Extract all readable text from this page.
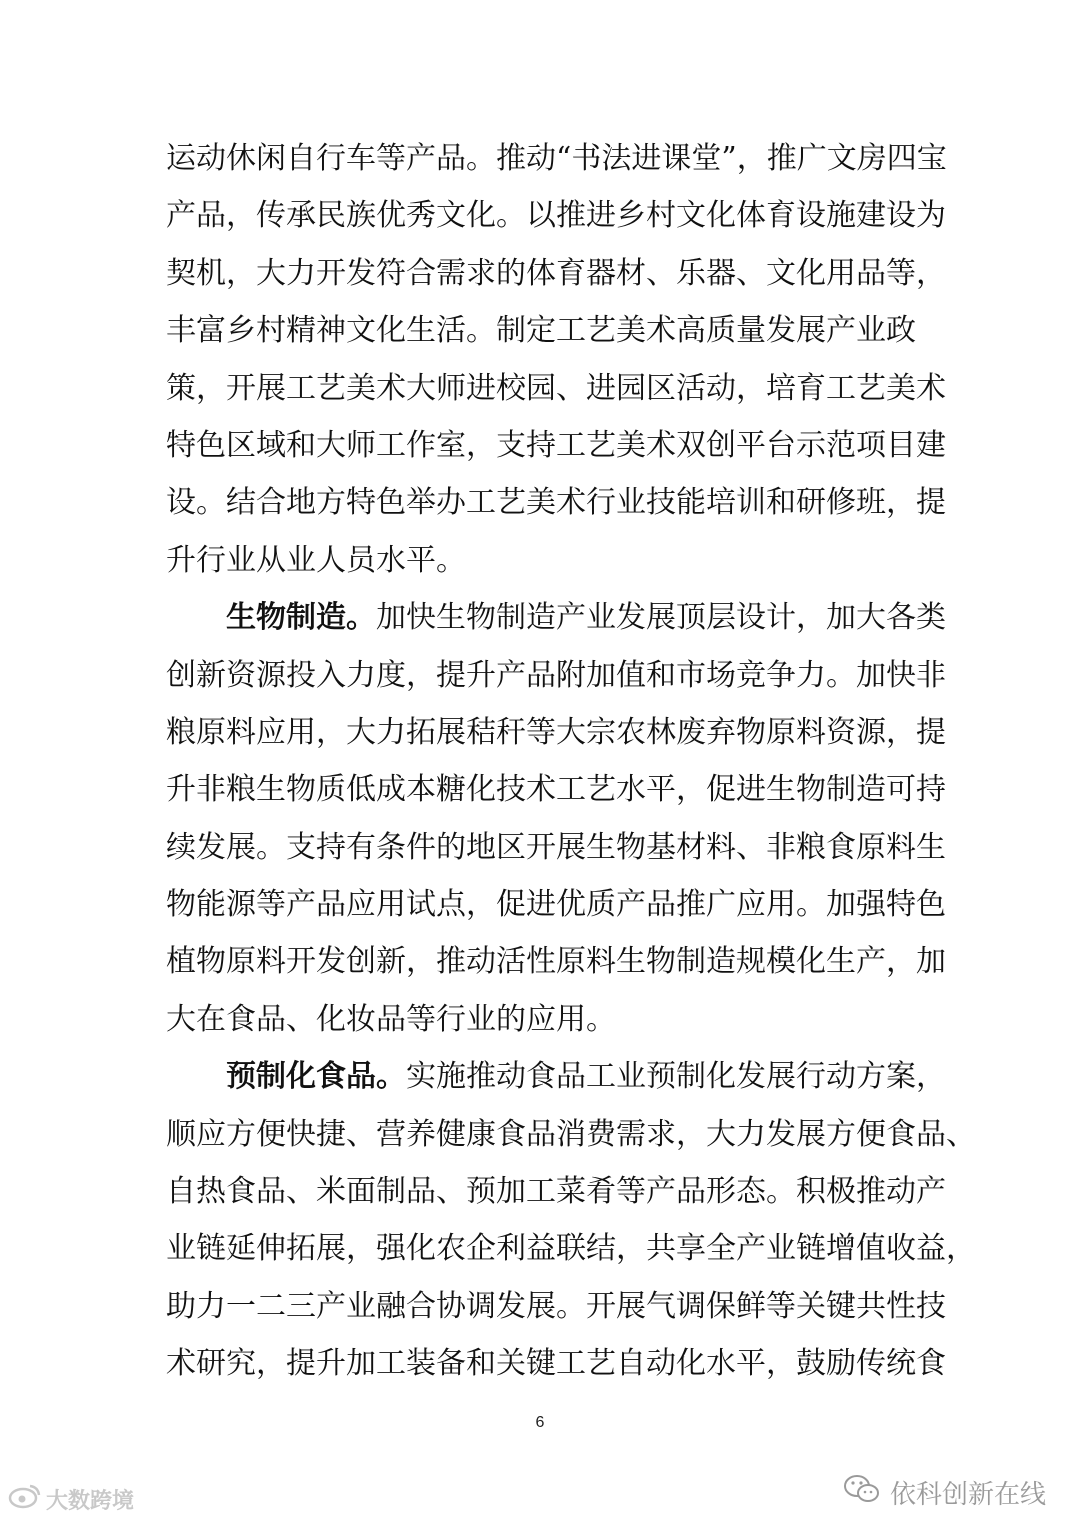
运 动 休 闲 自 行 车 等 产 品 。 推 动 “ 书 法 进 课 堂 ” ， 推 广 文 房 四 宝
产 品 ， 传 承 民 族 优 秀 文 化 。 以 推 进 乡 村 文 化 体 育 设 施 建 设 为
契 机 ， 大 力 开 发 符 合 需 求 的 体 育 器 材 、 乐 器 、 文 化 用 品 等 ，
丰 富 乡 村 精 神 文 化 生 活 。 制 定 工 艺 美 术 高 质 量 发 展 产 业 政
策 ， 开 展 工 艺 美 术 大 师 进 校 园 、 进 园 区 活 动 ， 培 育 工 艺 美 术
特 色 区 域 和 大 师 工 作 室 ， 支 持 工 艺 美 术 双 创 平 台 示 范 项 目 建
设 。 结 合 地 方 特 色 举 办 工 艺 美 术 行 业 技 能 培 训 和 研 修 班 ， 提
升行业从业人员水平。
生物制造。 加 快 生 物 制 造 产 业 发 展 顶 层 设 计 ， 加 大 各 类
创 新 资 源 投 入 力 度 ， 提 升 产 品 附 加 值 和 市 场 竞 争 力 。 加 快 非
粮 原 料 应 用 ， 大 力 拓 展 秸 秆 等 大 宗 农 林 废 弃 物 原 料 资 源 ， 提
升 非 粮 生 物 质 低 成 本 糖 化 技 术 工 艺 水 平 ， 促 进 生 物 制 造 可 持
续 发 展 。 支 持 有 条 件 的 地 区 开 展 生 物 基 材 料 、 非 粮 食 原 料 生
物 能 源 等 产 品 应 用 试 点 ， 促 进 优 质 产 品 推 广 应 用 。 加 强 特 色
植 物 原 料 开 发 创 新 ， 推 动 活 性 原 料 生 物 制 造 规 模 化 生 产 ， 加
大在食品、化妆品等行业的应用。
预制化食品。 实 施 推 动 食 品 工 业 预 制 化 发 展 行 动 方 案 ，
顺 应 方 便 快 捷 、 营 养 健 康 食 品 消 费 需 求 ， 大 力 发 展 方 便 食 品 、
自 热 食 品 、 米 面 制 品 、 预 加 工 菜 肴 等 产 品 形 态 。 积 极 推 动 产
业 链 延 伸 拓 展 ， 强 化 农 企 利 益 联 结 ， 共 享 全 产 业 链 增 值 收 益 ，
助 力 一 二 三 产 业 融 合 协 调 发 展 。 开 展 气 调 保 鲜 等 关 键 共 性 技
术 研 究 ， 提 升 加 工 装 备 和 关 键 工 艺 自 动 化 水 平 ， 鼓 励 传 统 食
6
大数跨境	依科创新在线
